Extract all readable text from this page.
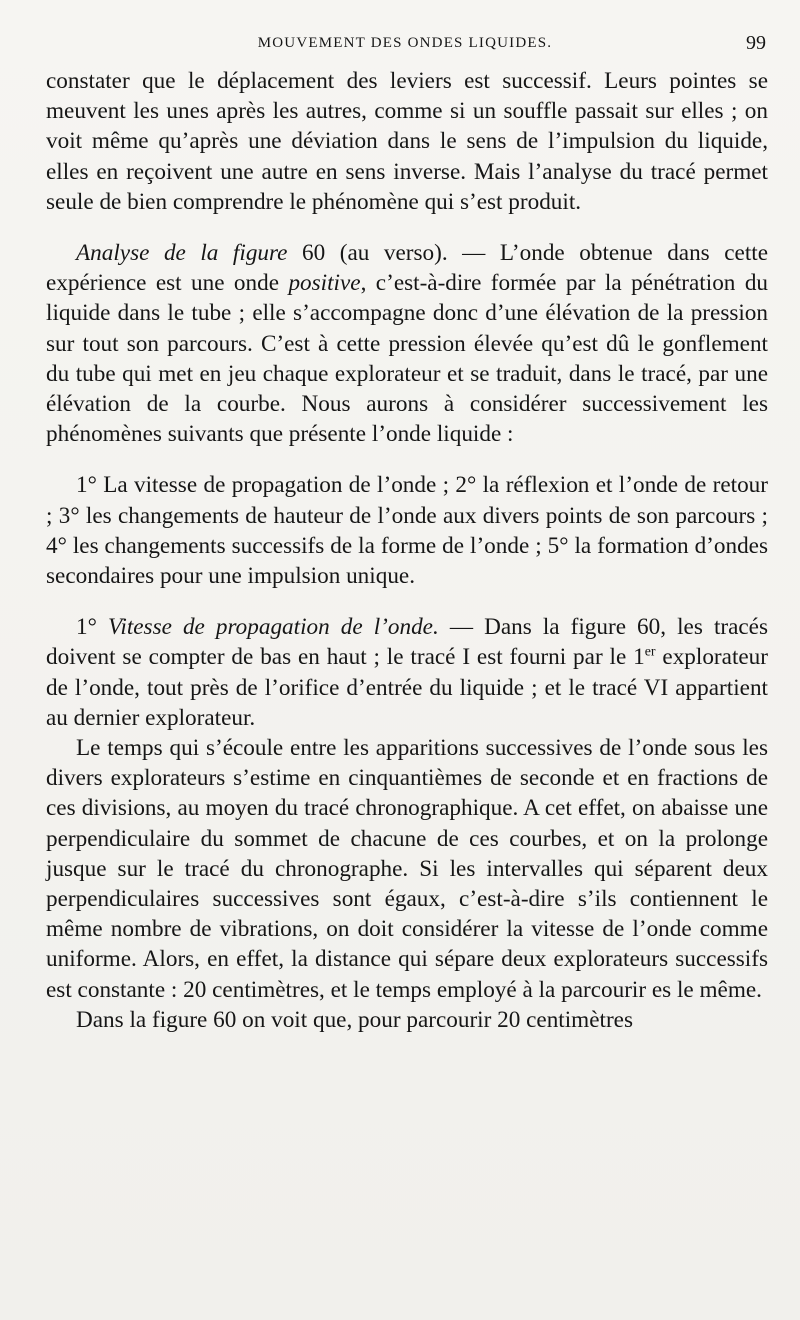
MOUVEMENT DES ONDES LIQUIDES.	99

constater que le déplacement des leviers est successif. Leurs pointes se meuvent les unes après les autres, comme si un souffle passait sur elles ; on voit même qu’après une déviation dans le sens de l’impulsion du liquide, elles en reçoivent une autre en sens inverse. Mais l’analyse du tracé permet seule de bien comprendre le phénomène qui s’est produit.

Analyse de la figure 60 (au verso). — L’onde obtenue dans cette expérience est une onde positive, c’est-à-dire formée par la pénétration du liquide dans le tube ; elle s’accompagne donc d’une élévation de la pression sur tout son parcours. C’est à cette pression élevée qu’est dû le gonflement du tube qui met en jeu chaque explorateur et se traduit, dans le tracé, par une élévation de la courbe. Nous aurons à considérer successivement les phénomènes suivants que présente l’onde liquide :

1° La vitesse de propagation de l’onde ; 2° la réflexion et l’onde de retour ; 3° les changements de hauteur de l’onde aux divers points de son parcours ; 4° les changements successifs de la forme de l’onde ; 5° la formation d’ondes secondaires pour une impulsion unique.

1° Vitesse de propagation de l’onde. — Dans la figure 60, les tracés doivent se compter de bas en haut ; le tracé I est fourni par le 1er explorateur de l’onde, tout près de l’orifice d’entrée du liquide ; et le tracé VI appartient au dernier explorateur.

Le temps qui s’écoule entre les apparitions successives de l’onde sous les divers explorateurs s’estime en cinquantièmes de seconde et en fractions de ces divisions, au moyen du tracé chronographique. A cet effet, on abaisse une perpendiculaire du sommet de chacune de ces courbes, et on la prolonge jusque sur le tracé du chronographe. Si les intervalles qui séparent deux perpendiculaires successives sont égaux, c’est-à-dire s’ils contiennent le même nombre de vibrations, on doit considérer la vitesse de l’onde comme uniforme. Alors, en effet, la distance qui sépare deux explorateurs successifs est constante : 20 centimètres, et le temps employé à la parcourir es le même.

Dans la figure 60 on voit que, pour parcourir 20 centimètres
